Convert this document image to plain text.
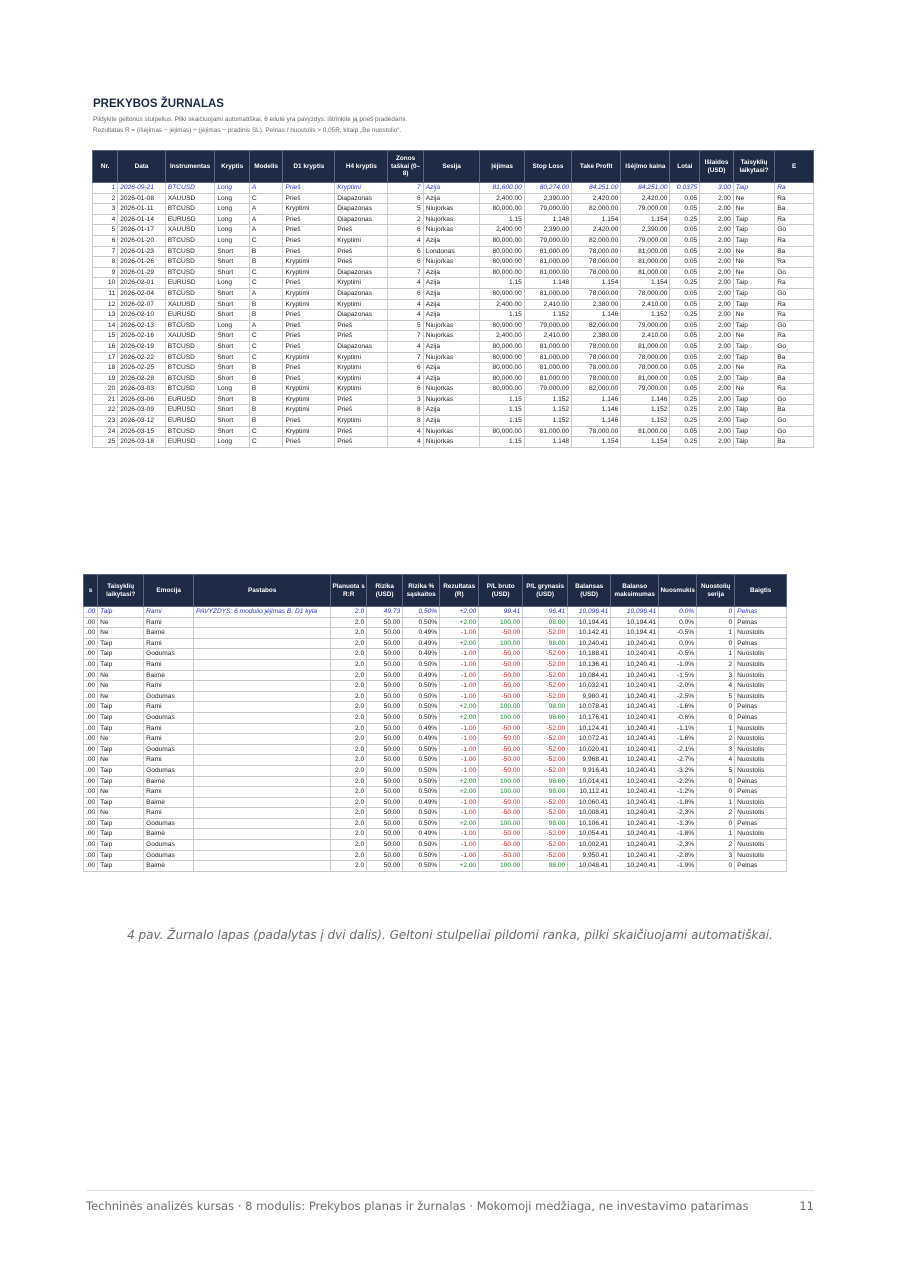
PREKYBOS ŽURNALAS
Pildykite geltonus stulpelius. Pilki skaičiuojami automatiškai. 6 eilutė yra pavyzdys: ištrinkite ją prieš pradėdami.
Rezultatas R = (išėjimas − įėjimas) ÷ (įėjimas − pradinis SL). Pelnas / nuostolis > 0,05R, kitaip „Be nuostolio“.
Nr.	Data	Instrumentas	Kryptis	Modelis	D1 kryptis	H4 kryptis	Zonos taškai (0–8)	Sesija	Įėjimas	Stop Loss	Take Profit	Išėjimo kaina	Lotai	Išlaidos (USD)	Taisyklių laikytasi?	E
1	2026-09-21	BTCUSD	Long	A	Prieš	Kryptimi	7	Azija	81,600.00	80,274.00	84,251.00	84,251.00	0.0375	3.00	Taip	Ra
2	2026-01-08	XAUUSD	Long	C	Prieš	Diapazonas	6	Azija	2,400.00	2,390.00	2,420.00	2,420.00	0.05	2.00	Ne	Ra
3	2026-01-11	BTCUSD	Long	A	Kryptimi	Diapazonas	5	Niujorkas	80,000.00	79,000.00	82,000.00	79,000.00	0.05	2.00	Ne	Ba
4	2026-01-14	EURUSD	Long	A	Prieš	Diapazonas	2	Niujorkas	1.15	1.148	1.154	1.154	0.25	2.00	Taip	Ra
5	2026-01-17	XAUUSD	Long	A	Prieš	Prieš	6	Niujorkas	2,400.00	2,390.00	2,420.00	2,390.00	0.05	2.00	Taip	Go
6	2026-01-20	BTCUSD	Long	C	Prieš	Kryptimi	4	Azija	80,000.00	79,000.00	82,000.00	79,000.00	0.05	2.00	Taip	Ra
7	2026-01-23	BTCUSD	Short	B	Prieš	Prieš	6	Londonas	80,000.00	81,000.00	78,000.00	81,000.00	0.05	2.00	Ne	Ba
8	2026-01-26	BTCUSD	Short	B	Kryptimi	Prieš	6	Niujorkas	80,000.00	81,000.00	78,000.00	81,000.00	0.05	2.00	Ne	Ra
9	2026-01-29	BTCUSD	Short	C	Kryptimi	Diapazonas	7	Azija	80,000.00	81,000.00	78,000.00	81,000.00	0.05	2.00	Ne	Go
10	2026-02-01	EURUSD	Long	C	Prieš	Kryptimi	4	Azija	1.15	1.148	1.154	1.154	0.25	2.00	Taip	Ra
11	2026-02-04	BTCUSD	Short	A	Kryptimi	Diapazonas	6	Azija	80,000.00	81,000.00	78,000.00	78,000.00	0.05	2.00	Taip	Go
12	2026-02-07	XAUUSD	Short	B	Kryptimi	Kryptimi	4	Azija	2,400.00	2,410.00	2,380.00	2,410.00	0.05	2.00	Taip	Ra
13	2026-02-10	EURUSD	Short	B	Prieš	Diapazonas	4	Azija	1.15	1.152	1.146	1.152	0.25	2.00	Ne	Ra
14	2026-02-13	BTCUSD	Long	A	Prieš	Prieš	5	Niujorkas	80,000.00	79,000.00	82,000.00	79,000.00	0.05	2.00	Taip	Go
15	2026-02-16	XAUUSD	Short	C	Prieš	Prieš	7	Niujorkas	2,400.00	2,410.00	2,380.00	2,410.00	0.05	2.00	Ne	Ra
16	2026-02-19	BTCUSD	Short	C	Prieš	Diapazonas	4	Azija	80,000.00	81,000.00	78,000.00	81,000.00	0.05	2.00	Taip	Go
17	2026-02-22	BTCUSD	Short	C	Kryptimi	Kryptimi	7	Niujorkas	80,000.00	81,000.00	78,000.00	78,000.00	0.05	2.00	Taip	Ba
18	2026-02-25	BTCUSD	Short	B	Prieš	Kryptimi	6	Azija	80,000.00	81,000.00	78,000.00	78,000.00	0.05	2.00	Ne	Ra
19	2026-02-28	BTCUSD	Short	B	Prieš	Kryptimi	4	Azija	80,000.00	81,000.00	78,000.00	81,000.00	0.05	2.00	Taip	Ba
20	2026-03-03	BTCUSD	Long	B	Kryptimi	Kryptimi	6	Niujorkas	80,000.00	79,000.00	82,000.00	79,000.00	0.05	2.00	Ne	Ra
21	2026-03-06	EURUSD	Short	B	Kryptimi	Prieš	3	Niujorkas	1.15	1.152	1.146	1.146	0.25	2.00	Taip	Go
22	2026-03-09	EURUSD	Short	B	Kryptimi	Prieš	8	Azija	1.15	1.152	1.146	1.152	0.25	2.00	Taip	Ba
23	2026-03-12	EURUSD	Short	B	Prieš	Kryptimi	8	Azija	1.15	1.152	1.146	1.152	0.25	2.00	Taip	Go
24	2026-03-15	BTCUSD	Short	C	Kryptimi	Prieš	4	Niujorkas	80,000.00	81,000.00	78,000.00	81,000.00	0.05	2.00	Taip	Go
25	2026-03-18	EURUSD	Long	C	Prieš	Prieš	4	Niujorkas	1.15	1.148	1.154	1.154	0.25	2.00	Taip	Ba
s	Taisyklių laikytasi?	Emocija	Pastabos	Planuota s R:R	Rizika (USD)	Rizika % sąskaitos	Rezultatas (R)	P/L bruto (USD)	P/L grynasis (USD)	Balansas (USD)	Balanso maksimumas	Nuosmukis	Nuostolių serija	Baigtis
.00	Taip	Rami	PAVYZDYS: 6 modulio įėjimas B. D1 kyla	2.0	49.73	0.50%	+2.00	99.41	96.41	10,096.41	10,096.41	0.0%	0	Pelnas
.00	Ne	Rami		2.0	50.00	0.50%	+2.00	100.00	98.00	10,194.41	10,194.41	0.0%	0	Pelnas
.00	Ne	Baimė		2.0	50.00	0.49%	-1.00	-50.00	-52.00	10,142.41	10,194.41	-0.5%	1	Nuostolis
.00	Taip	Rami		2.0	50.00	0.49%	+2.00	100.00	98.00	10,240.41	10,240.41	0.0%	0	Pelnas
.00	Taip	Godumas		2.0	50.00	0.49%	-1.00	-50.00	-52.00	10,188.41	10,240.41	-0.5%	1	Nuostolis
.00	Taip	Rami		2.0	50.00	0.50%	-1.00	-50.00	-52.00	10,136.41	10,240.41	-1.0%	2	Nuostolis
.00	Ne	Baimė		2.0	50.00	0.49%	-1.00	-50.00	-52.00	10,084.41	10,240.41	-1.5%	3	Nuostolis
.00	Ne	Rami		2.0	50.00	0.50%	-1.00	-50.00	-52.00	10,032.41	10,240.41	-2.0%	4	Nuostolis
.00	Ne	Godumas		2.0	50.00	0.50%	-1.00	-50.00	-52.00	9,980.41	10,240.41	-2.5%	5	Nuostolis
.00	Taip	Rami		2.0	50.00	0.50%	+2.00	100.00	98.00	10,078.41	10,240.41	-1.6%	0	Pelnas
.00	Taip	Godumas		2.0	50.00	0.50%	+2.00	100.00	98.00	10,176.41	10,240.41	-0.6%	0	Pelnas
.00	Taip	Rami		2.0	50.00	0.49%	-1.00	-50.00	-52.00	10,124.41	10,240.41	-1.1%	1	Nuostolis
.00	Ne	Rami		2.0	50.00	0.49%	-1.00	-50.00	-52.00	10,072.41	10,240.41	-1.6%	2	Nuostolis
.00	Taip	Godumas		2.0	50.00	0.50%	-1.00	-50.00	-52.00	10,020.41	10,240.41	-2.1%	3	Nuostolis
.00	Ne	Rami		2.0	50.00	0.50%	-1.00	-50.00	-52.00	9,968.41	10,240.41	-2.7%	4	Nuostolis
.00	Taip	Godumas		2.0	50.00	0.50%	-1.00	-50.00	-52.00	9,916.41	10,240.41	-3.2%	5	Nuostolis
.00	Taip	Baimė		2.0	50.00	0.50%	+2.00	100.00	98.00	10,014.41	10,240.41	-2.2%	0	Pelnas
.00	Ne	Rami		2.0	50.00	0.50%	+2.00	100.00	98.00	10,112.41	10,240.41	-1.2%	0	Pelnas
.00	Taip	Baimė		2.0	50.00	0.49%	-1.00	-50.00	-52.00	10,060.41	10,240.41	-1.8%	1	Nuostolis
.00	Ne	Rami		2.0	50.00	0.50%	-1.00	-50.00	-52.00	10,008.41	10,240.41	-2.3%	2	Nuostolis
.00	Taip	Godumas		2.0	50.00	0.50%	+2.00	100.00	98.00	10,106.41	10,240.41	-1.3%	0	Pelnas
.00	Taip	Baimė		2.0	50.00	0.49%	-1.00	-50.00	-52.00	10,054.41	10,240.41	-1.8%	1	Nuostolis
.00	Taip	Godumas		2.0	50.00	0.50%	-1.00	-50.00	-52.00	10,002.41	10,240.41	-2.3%	2	Nuostolis
.00	Taip	Godumas		2.0	50.00	0.50%	-1.00	-50.00	-52.00	9,950.41	10,240.41	-2.8%	3	Nuostolis
.00	Taip	Baimė		2.0	50.00	0.50%	+2.00	100.00	98.00	10,048.41	10,240.41	-1.9%	0	Pelnas
4 pav. Žurnalo lapas (padalytas į dvi dalis). Geltoni stulpeliai pildomi ranka, pilki skaičiuojami automatiškai.
Techninės analizės kursas · 8 modulis: Prekybos planas ir žurnalas · Mokomoji medžiaga, ne investavimo patarimas	11
